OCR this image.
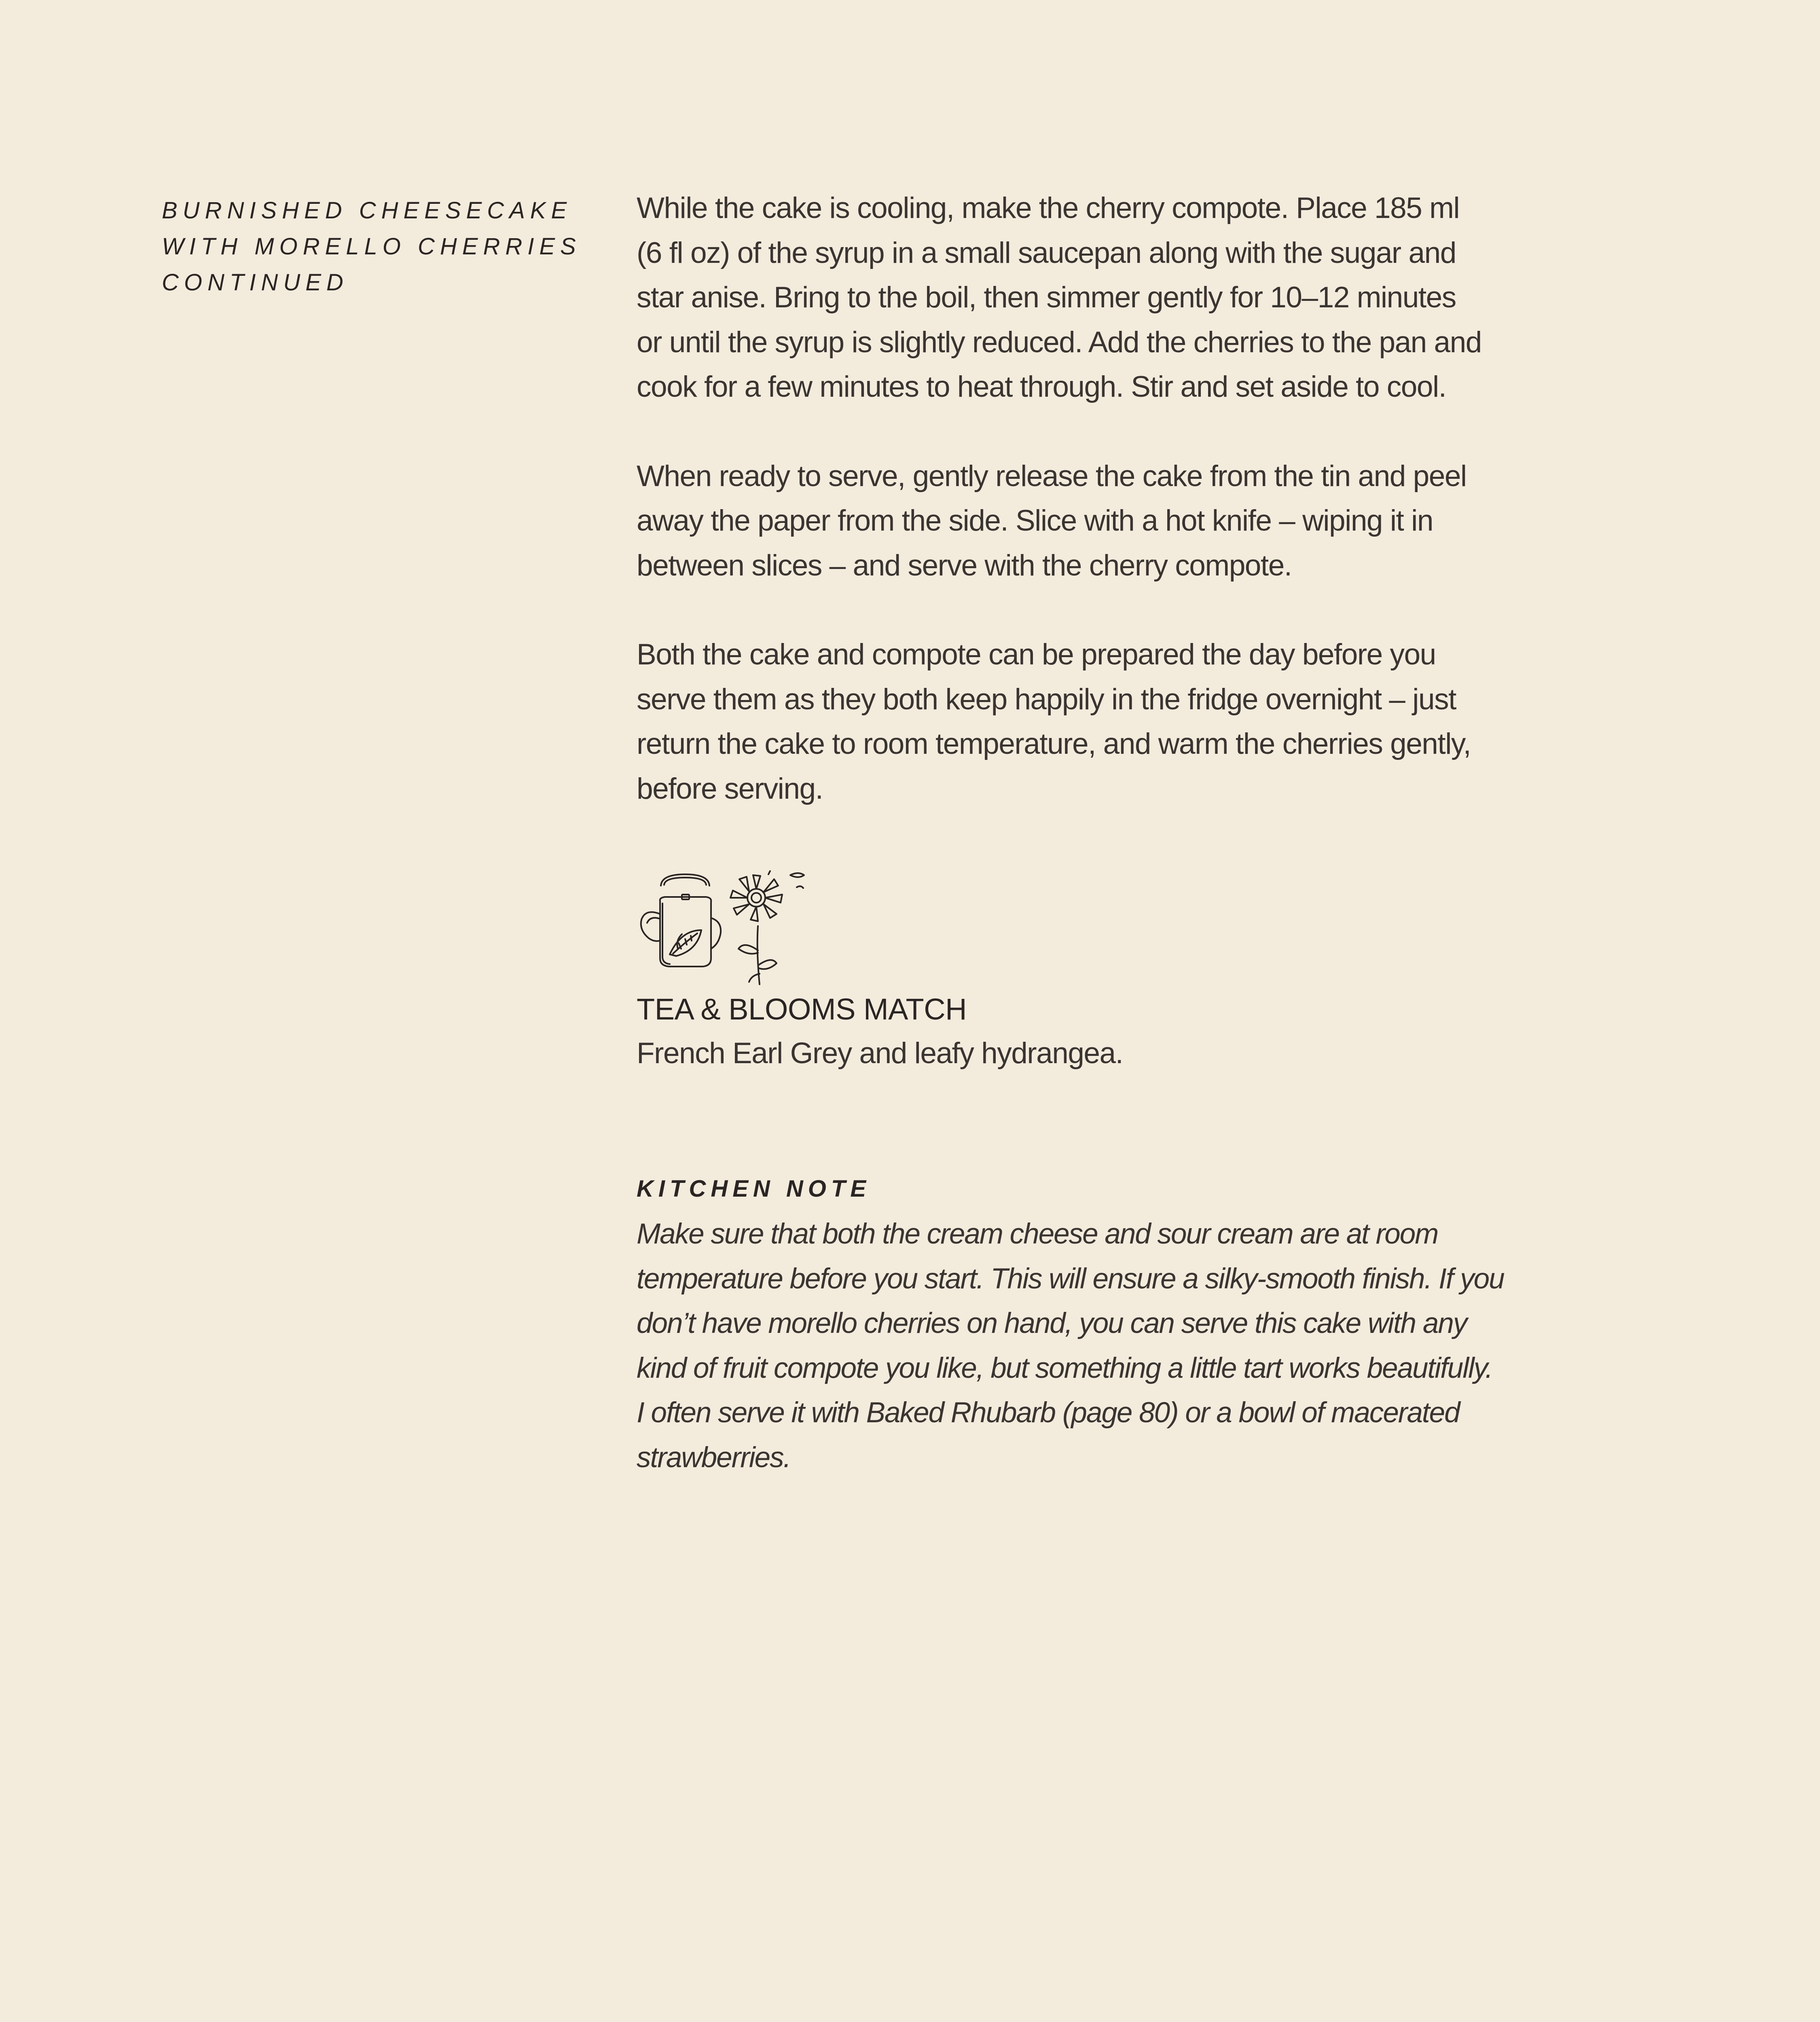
BURNISHED CHEESECAKE
WITH MORELLO CHERRIES
CONTINUED

While the cake is cooling, make the cherry compote. Place 185 ml
(6 fl oz) of the syrup in a small saucepan along with the sugar and
star anise. Bring to the boil, then simmer gently for 10–12 minutes
or until the syrup is slightly reduced. Add the cherries to the pan and
cook for a few minutes to heat through. Stir and set aside to cool.

When ready to serve, gently release the cake from the tin and peel
away the paper from the side. Slice with a hot knife – wiping it in
between slices – and serve with the cherry compote.

Both the cake and compote can be prepared the day before you
serve them as they both keep happily in the fridge overnight – just
return the cake to room temperature, and warm the cherries gently,
before serving.

TEA & BLOOMS MATCH
French Earl Grey and leafy hydrangea.
KITCHEN NOTE
Make sure that both the cream cheese and sour cream are at room
temperature before you start. This will ensure a silky-smooth finish. If you
don’t have morello cherries on hand, you can serve this cake with any
kind of fruit compote you like, but something a little tart works beautifully.
I often serve it with Baked Rhubarb (page 80) or a bowl of macerated
strawberries.
